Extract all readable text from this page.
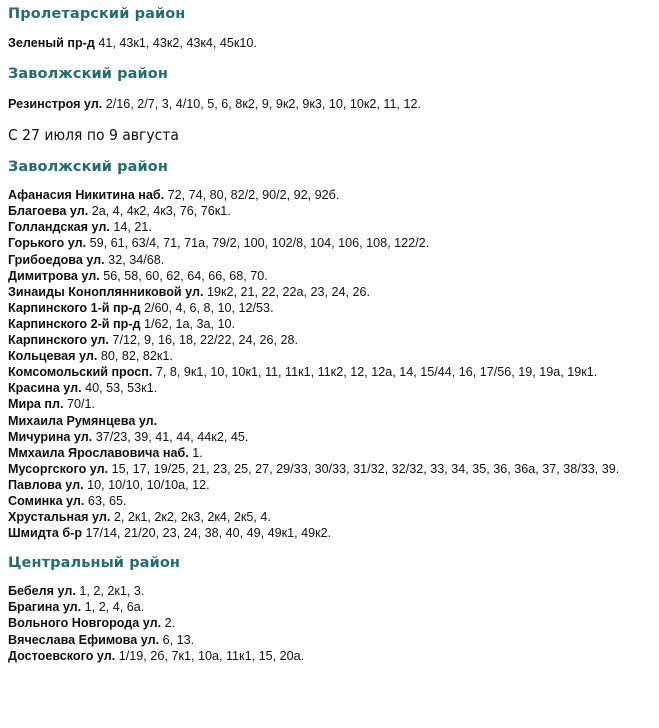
Пролетарский район
Зеленый пр-д 41, 43к1, 43к2, 43к4, 45к10.
Заволжский район
Резинстроя ул. 2/16, 2/7, 3, 4/10, 5, 6, 8к2, 9, 9к2, 9к3, 10, 10к2, 11, 12.
С 27 июля по 9 августа
Заволжский район
Афанасия Никитина наб. 72, 74, 80, 82/2, 90/2, 92, 92б.
Благоева ул. 2а, 4, 4к2, 4к3, 76, 76к1.
Голландская ул. 14, 21.
Горького ул. 59, 61, 63/4, 71, 71а, 79/2, 100, 102/8, 104, 106, 108, 122/2.
Грибоедова ул. 32, 34/68.
Димитрова ул. 56, 58, 60, 62, 64, 66, 68, 70.
Зинаиды Коноплянниковой ул. 19к2, 21, 22, 22а, 23, 24, 26.
Карпинского 1-й пр-д 2/60, 4, 6, 8, 10, 12/53.
Карпинского 2-й пр-д 1/62, 1а, 3а, 10.
Карпинского ул. 7/12, 9, 16, 18, 22/22, 24, 26, 28.
Кольцевая ул. 80, 82, 82к1.
Комсомольский просп. 7, 8, 9к1, 10, 10к1, 11, 11к1, 11к2, 12, 12а, 14, 15/44, 16, 17/56, 19, 19а, 19к1.
Красина ул. 40, 53, 53к1.
Мира пл. 70/1.
Михаила Румянцева ул.
Мичурина ул. 37/23, 39, 41, 44, 44к2, 45.
Ммхаила Ярославовича наб. 1.
Мусоргского ул. 15, 17, 19/25, 21, 23, 25, 27, 29/33, 30/33, 31/32, 32/32, 33, 34, 35, 36, 36а, 37, 38/33, 39.
Павлова ул. 10, 10/10, 10/10а, 12.
Соминка ул. 63, 65.
Хрустальная ул. 2, 2к1, 2к2, 2к3, 2к4, 2к5, 4.
Шмидта б-р 17/14, 21/20, 23, 24, 38, 40, 49, 49к1, 49к2.
Центральный район
Бебеля ул. 1, 2, 2к1, 3.
Брагина ул. 1, 2, 4, 6а.
Вольного Новгорода ул. 2.
Вячеслава Ефимова ул. 6, 13.
Достоевского ул. 1/19, 2б, 7к1, 10а, 11к1, 15, 20а.
